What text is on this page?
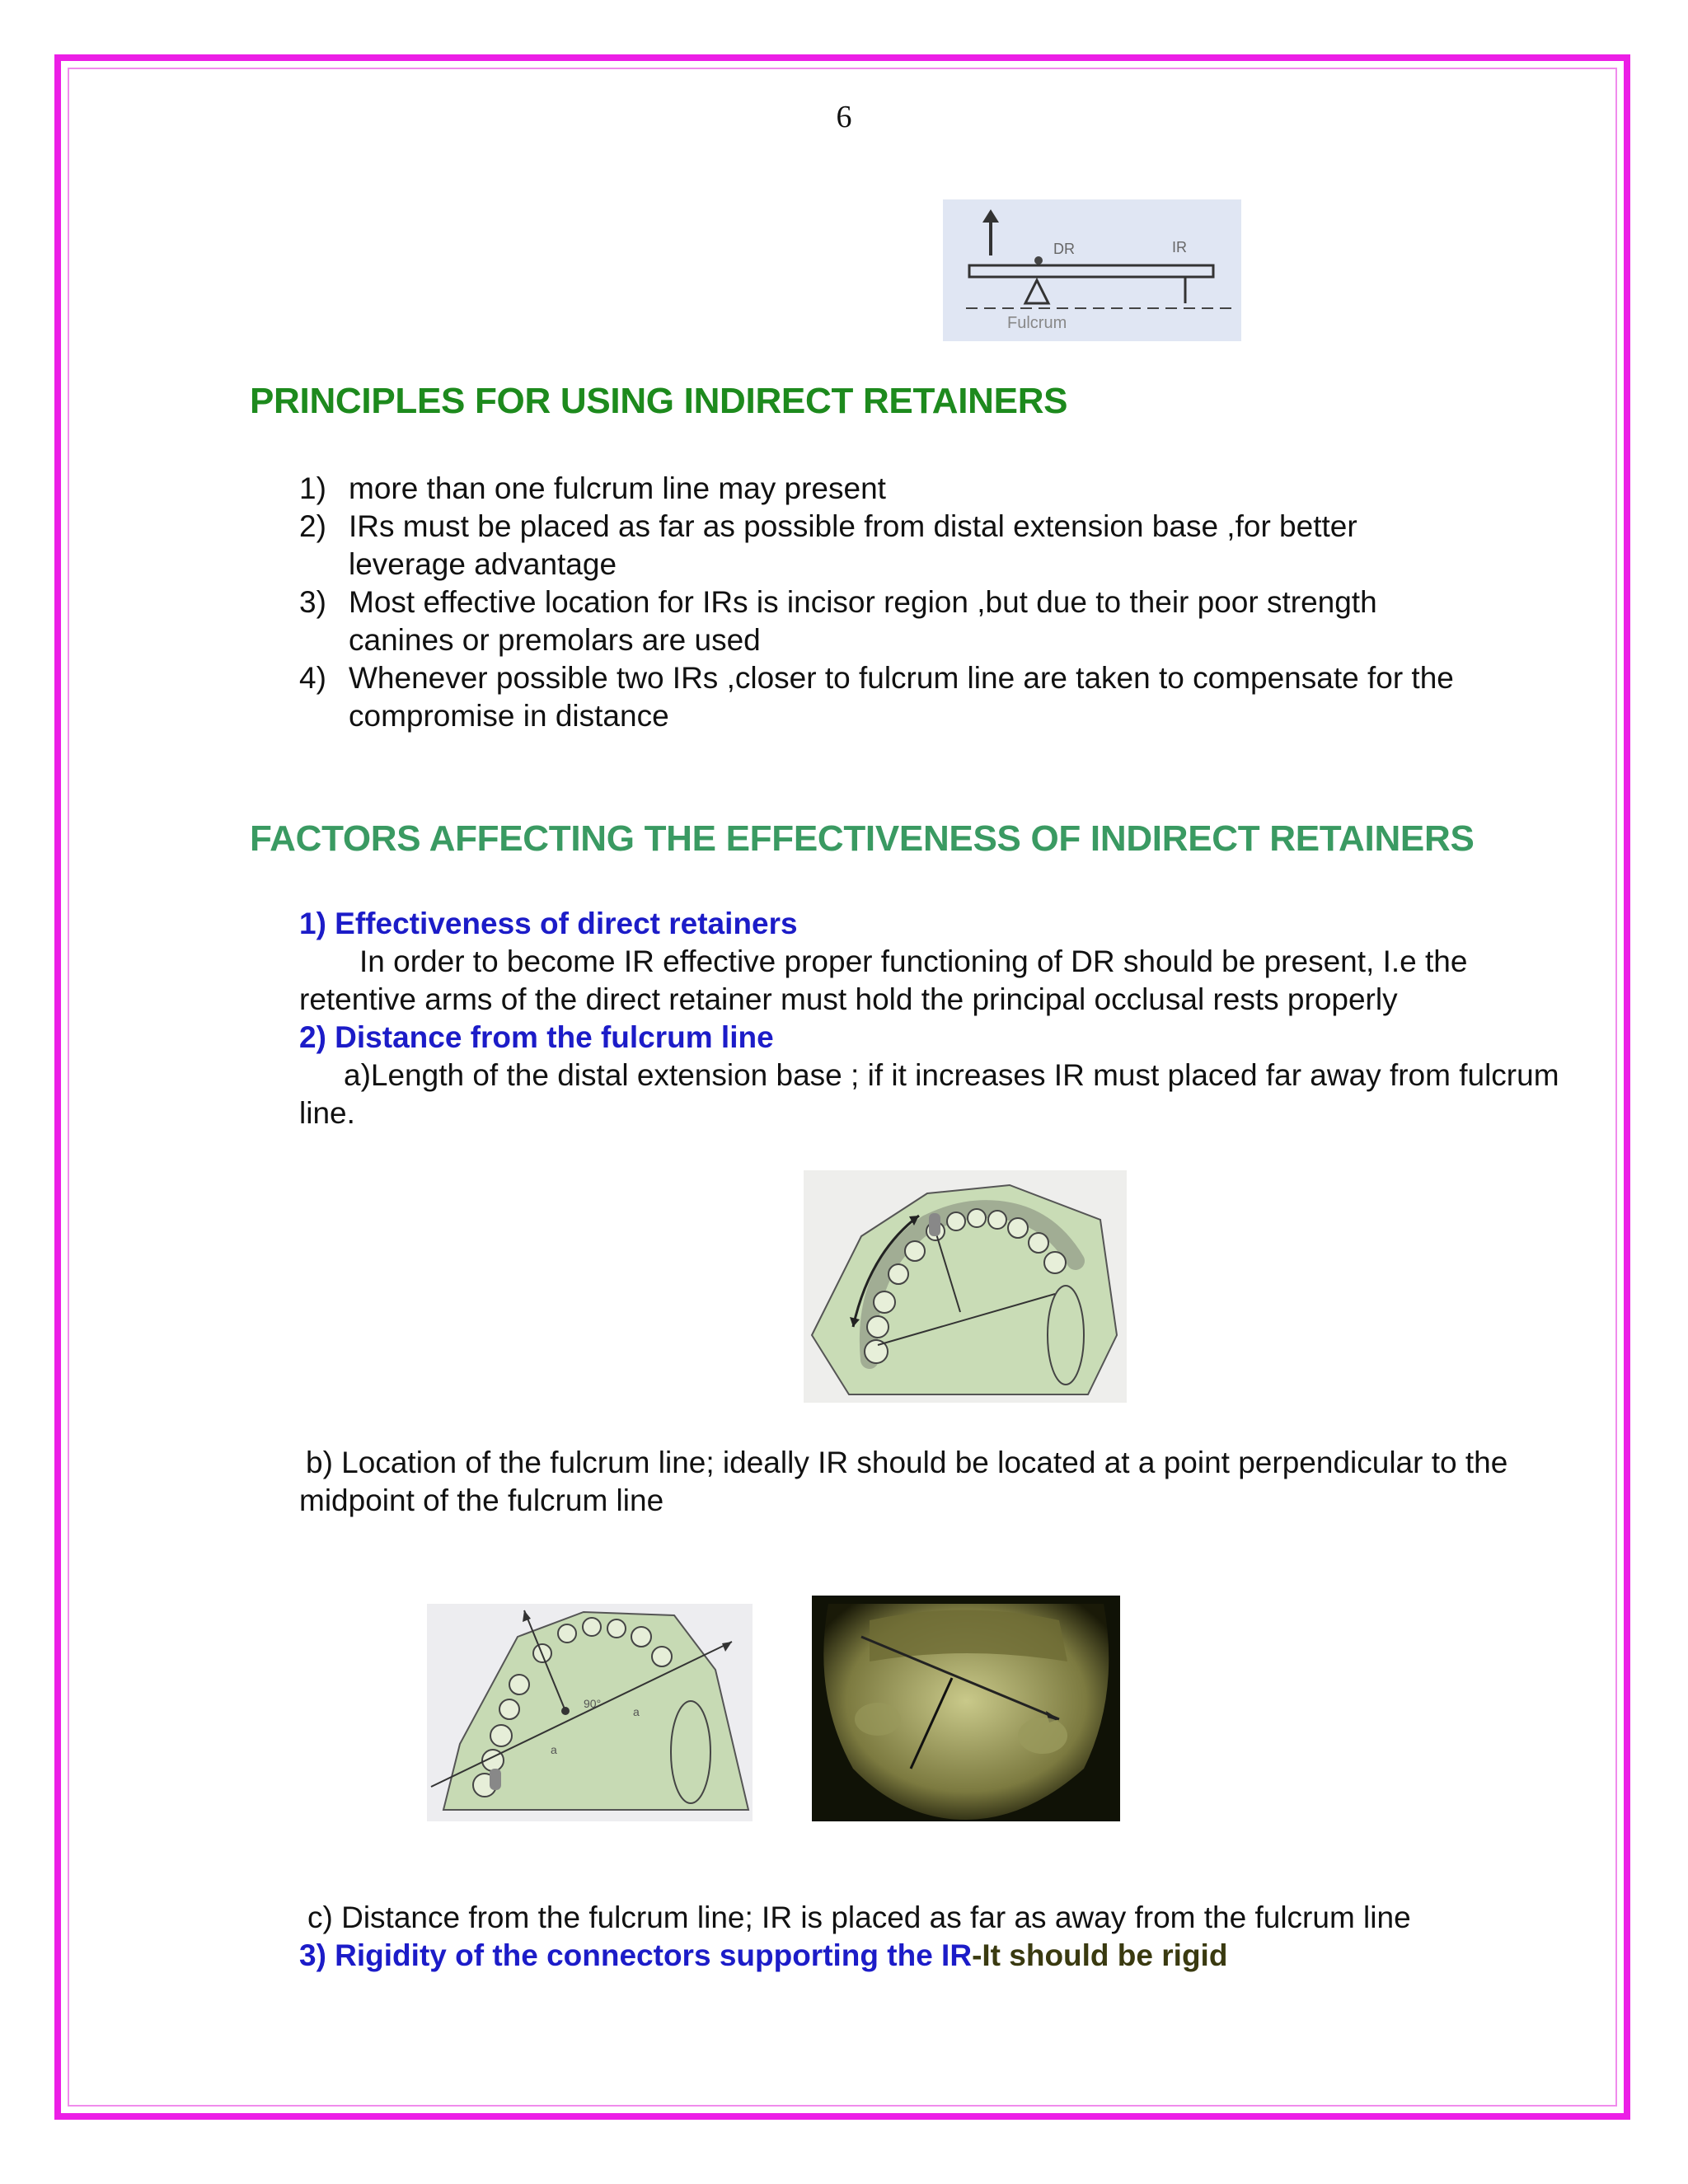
6
DR	IR
Fulcrum
PRINCIPLES FOR USING INDIRECT RETAINERS
1) more than one fulcrum line may present
2) IRs must be placed as far as possible from distal extension base ,for better leverage advantage
3) Most effective location for IRs is incisor region ,but due to their poor strength canines or premolars are used
4) Whenever possible two IRs ,closer to fulcrum line are taken to compensate for the compromise in distance
FACTORS AFFECTING THE EFFECTIVENESS OF INDIRECT RETAINERS
1) Effectiveness of direct retainers
In order to become IR effective proper functioning of DR should be present, I.e the
retentive arms of the direct retainer must hold the principal occlusal rests properly
2) Distance from the fulcrum line
a)Length of the distal extension base ; if it increases IR must placed far away from fulcrum
line.
b) Location of the fulcrum line; ideally IR should be located at a point perpendicular to the
midpoint of the fulcrum line
90°
a
a
c) Distance from the fulcrum line; IR is placed as far as away from the fulcrum line
3) Rigidity of the connectors supporting the IR-It should be rigid
